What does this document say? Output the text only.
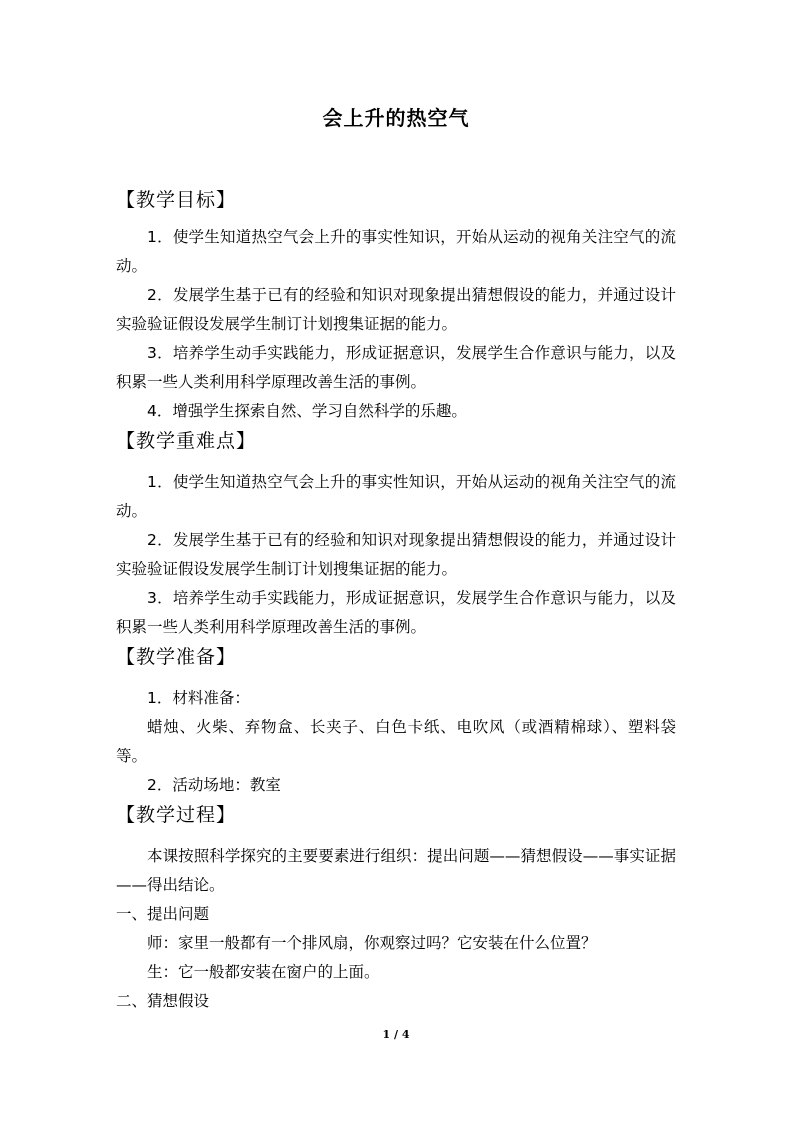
会上升的热空气
【教学目标】

1．使学生知道热空气会上升的事实性知识，开始从运动的视角关注空气的流动。

2．发展学生基于已有的经验和知识对现象提出猜想假设的能力，并通过设计实验验证假设发展学生制订计划搜集证据的能力。

3．培养学生动手实践能力，形成证据意识，发展学生合作意识与能力，以及积累一些人类利用科学原理改善生活的事例。

4．增强学生探索自然、学习自然科学的乐趣。

【教学重难点】

1．使学生知道热空气会上升的事实性知识，开始从运动的视角关注空气的流动。

2．发展学生基于已有的经验和知识对现象提出猜想假设的能力，并通过设计实验验证假设发展学生制订计划搜集证据的能力。

3．培养学生动手实践能力，形成证据意识，发展学生合作意识与能力，以及积累一些人类利用科学原理改善生活的事例。

【教学准备】

1．材料准备：

蜡烛、火柴、弃物盒、长夹子、白色卡纸、电吹风（或酒精棉球）、塑料袋等。

2．活动场地：教室

【教学过程】

本课按照科学探究的主要要素进行组织：提出问题——猜想假设——事实证据——得出结论。

一、提出问题

师：家里一般都有一个排风扇，你观察过吗？它安装在什么位置？

生：它一般都安装在窗户的上面。

二、猜想假设

1 / 4
